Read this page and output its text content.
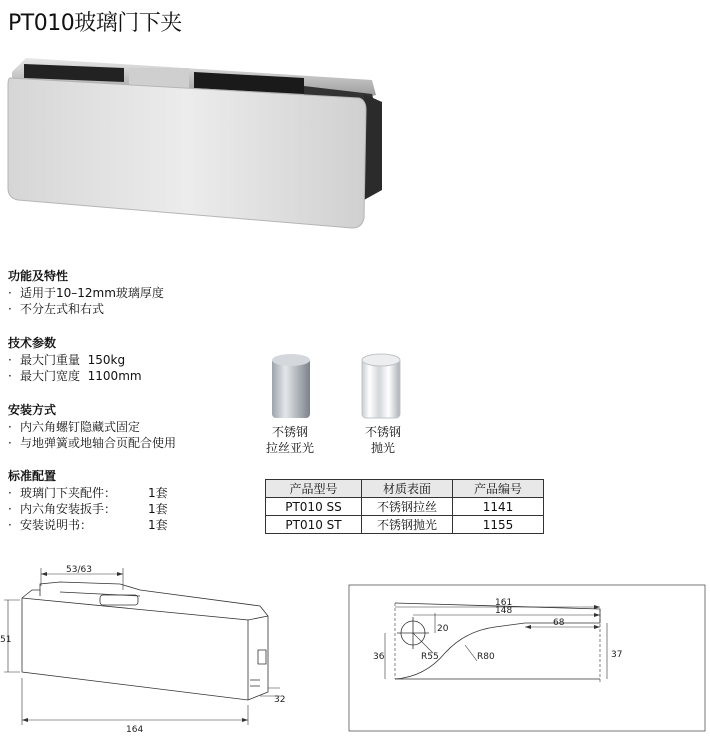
PT010玻璃门下夹
功能及特性
· 适用于10–12mm玻璃厚度
· 不分左式和右式
技术参数
· 最大门重量 150kg
· 最大门宽度 1100mm
安装方式
· 内六角螺钉隐藏式固定
· 与地弹簧或地轴合页配合使用
标准配置
· 玻璃门下夹配件：	1套
· 内六角安装扳手：	1套
· 安装说明书：	1套
不锈钢
拉丝亚光
不锈钢
抛光
产品型号	材质表面	产品编号
PT010 SS	不锈钢拉丝	1141
PT010 ST	不锈钢抛光	1155
53/63
51
32
164
161
148
68
20
36	37
R55	R80
